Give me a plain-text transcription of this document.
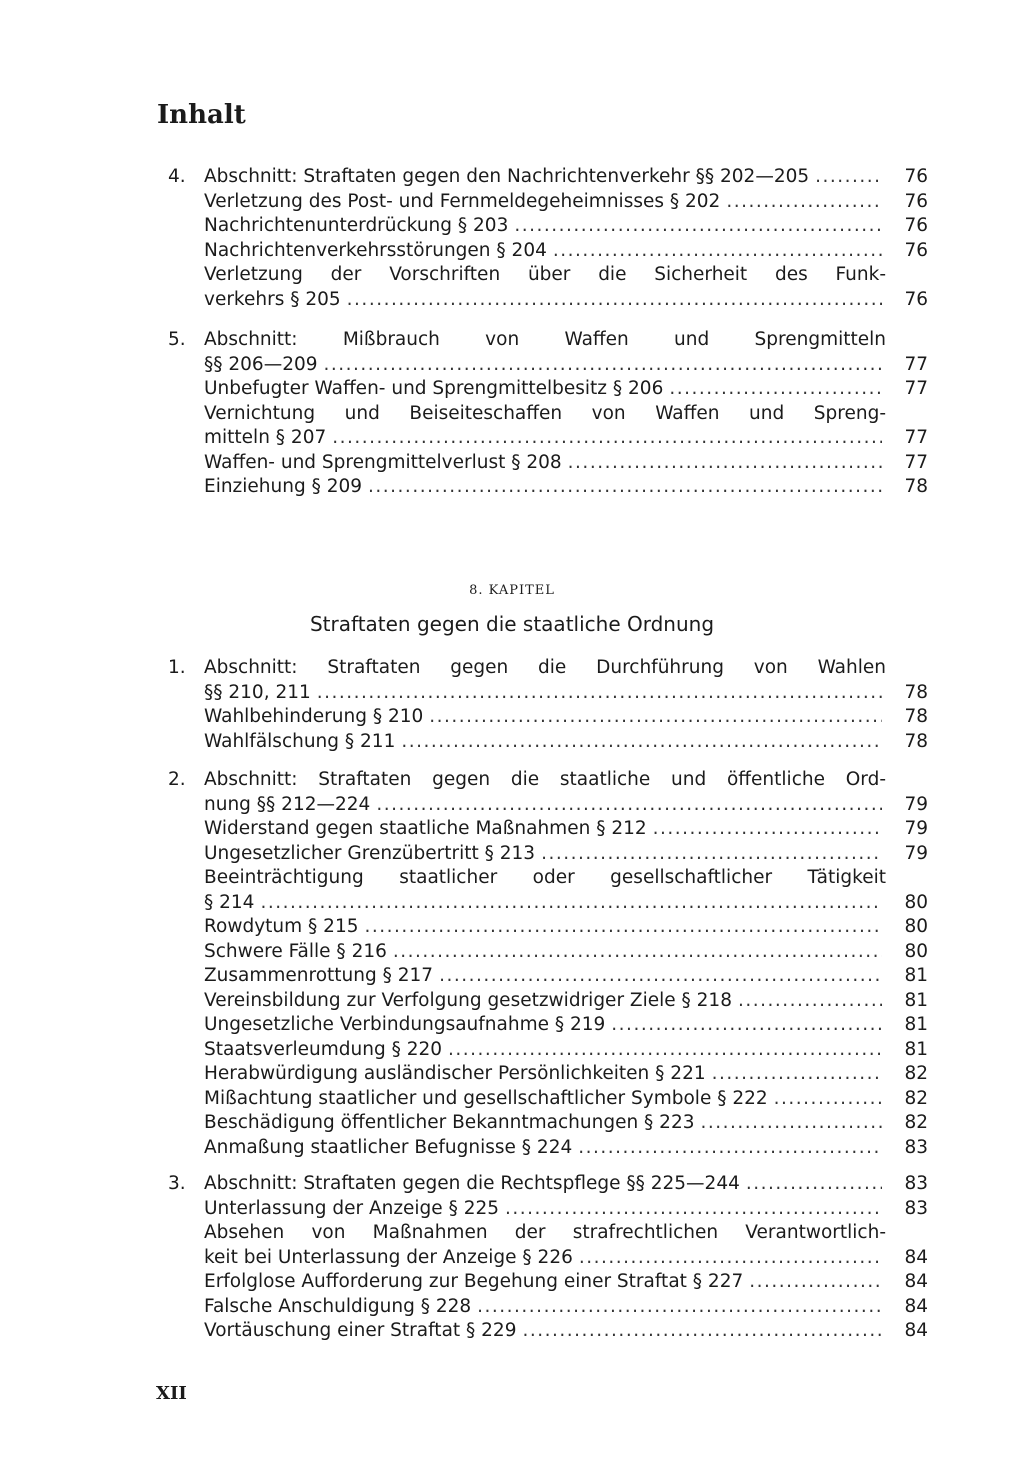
Inhalt
4. Abschnitt: Straftaten gegen den Nachrichtenverkehr §§ 202—205 .....	76
Verletzung des Post- und Fernmeldegeheimnisses § 202 .....	76
Nachrichtenunterdrückung § 203 .....	76
Nachrichtenverkehrsstörungen § 204 .....	76
Verletzung der Vorschriften über die Sicherheit des Funk-
verkehrs § 205 .....	76
5. Abschnitt: Mißbrauch von Waffen und Sprengmitteln
§§ 206—209 .....	77
Unbefugter Waffen- und Sprengmittelbesitz § 206 .....	77
Vernichtung und Beiseiteschaffen von Waffen und Spreng-
mitteln § 207 .....	77
Waffen- und Sprengmittelverlust § 208 .....	77
Einziehung § 209 .....	78
8. KAPITEL
Straftaten gegen die staatliche Ordnung
1. Abschnitt: Straftaten gegen die Durchführung von Wahlen
§§ 210, 211 .....	78
Wahlbehinderung § 210 .....	78
Wahlfälschung § 211 .....	78
2. Abschnitt: Straftaten gegen die staatliche und öffentliche Ord-
nung §§ 212—224 .....	79
Widerstand gegen staatliche Maßnahmen § 212 .....	79
Ungesetzlicher Grenzübertritt § 213 .....	79
Beeinträchtigung staatlicher oder gesellschaftlicher Tätigkeit
§ 214 .....	80
Rowdytum § 215 .....	80
Schwere Fälle § 216 .....	80
Zusammenrottung § 217 .....	81
Vereinsbildung zur Verfolgung gesetzwidriger Ziele § 218 .....	81
Ungesetzliche Verbindungsaufnahme § 219 .....	81
Staatsverleumdung § 220 .....	81
Herabwürdigung ausländischer Persönlichkeiten § 221 .....	82
Mißachtung staatlicher und gesellschaftlicher Symbole § 222 .....	82
Beschädigung öffentlicher Bekanntmachungen § 223 .....	82
Anmaßung staatlicher Befugnisse § 224 .....	83
3. Abschnitt: Straftaten gegen die Rechtspflege §§ 225—244 .....	83
Unterlassung der Anzeige § 225 .....	83
Absehen von Maßnahmen der strafrechtlichen Verantwortlich-
keit bei Unterlassung der Anzeige § 226 .....	84
Erfolglose Aufforderung zur Begehung einer Straftat § 227 .....	84
Falsche Anschuldigung § 228 .....	84
Vortäuschung einer Straftat § 229 .....	84
XII
